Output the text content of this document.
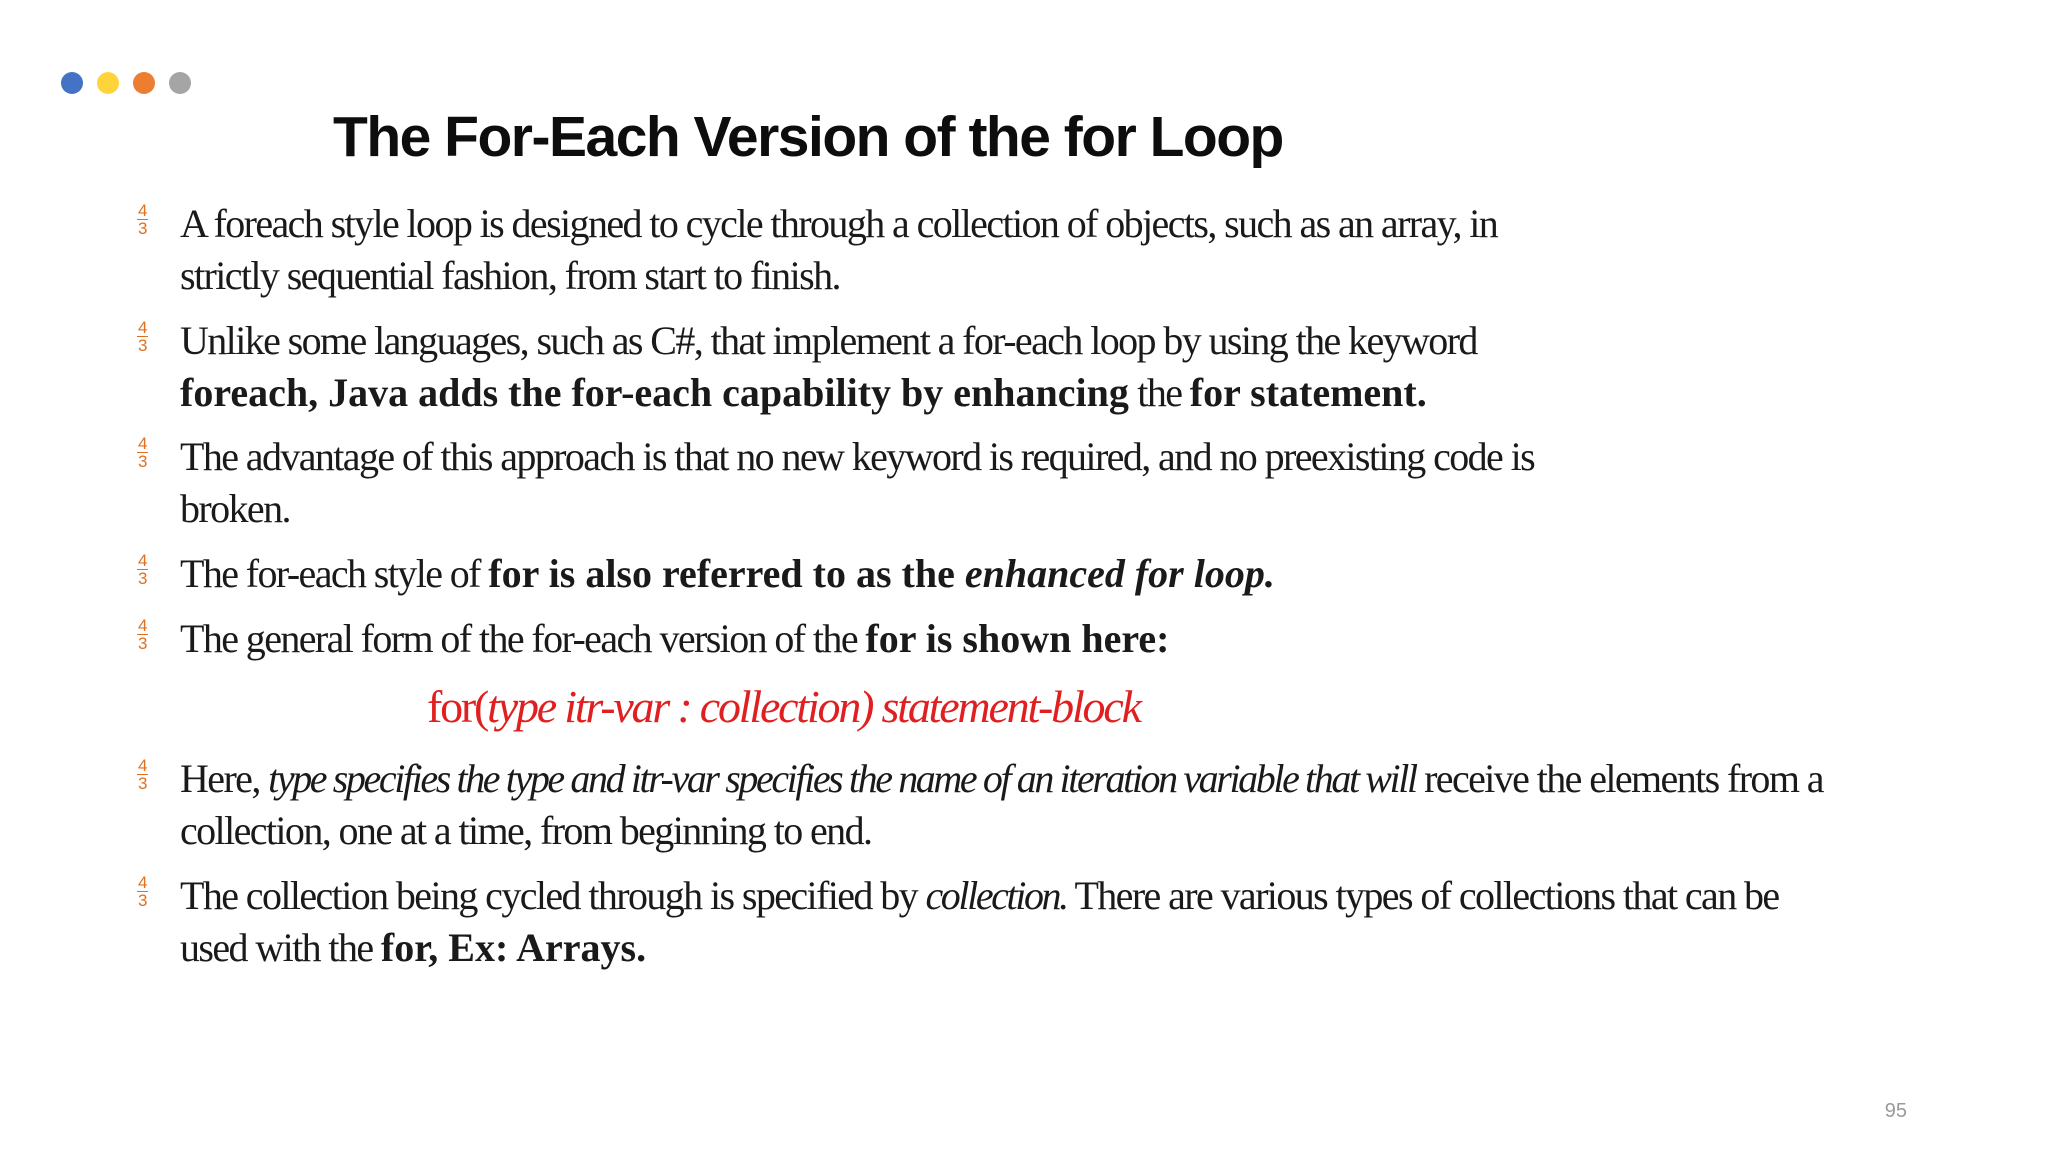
The For-Each Version of the for Loop
$\frac{4}{3}$ A foreach style loop is designed to cycle through a collection of objects, such as an array, in
strictly sequential fashion, from start to finish.
$\frac{4}{3}$ Unlike some languages, such as C#, that implement a for-each loop by using the keyword
foreach, Java adds the for-each capability by enhancing the for statement.
$\frac{4}{3}$ The advantage of this approach is that no new keyword is required, and no preexisting code is
broken.
$\frac{4}{3}$ The for-each style of for is also referred to as the enhanced for loop.
$\frac{4}{3}$ The general form of the for-each version of the for is shown here:
$\frac{4}{3}$ Here, type specifies the type and itr-var specifies the name of an iteration variable that will receive the elements from a
collection, one at a time, from beginning to end.
$\frac{4}{3}$ The collection being cycled through is specified by collection. There are various types of collections that can be
used with the for, Ex: Arrays.
for(type itr-var : collection) statement-block
95
